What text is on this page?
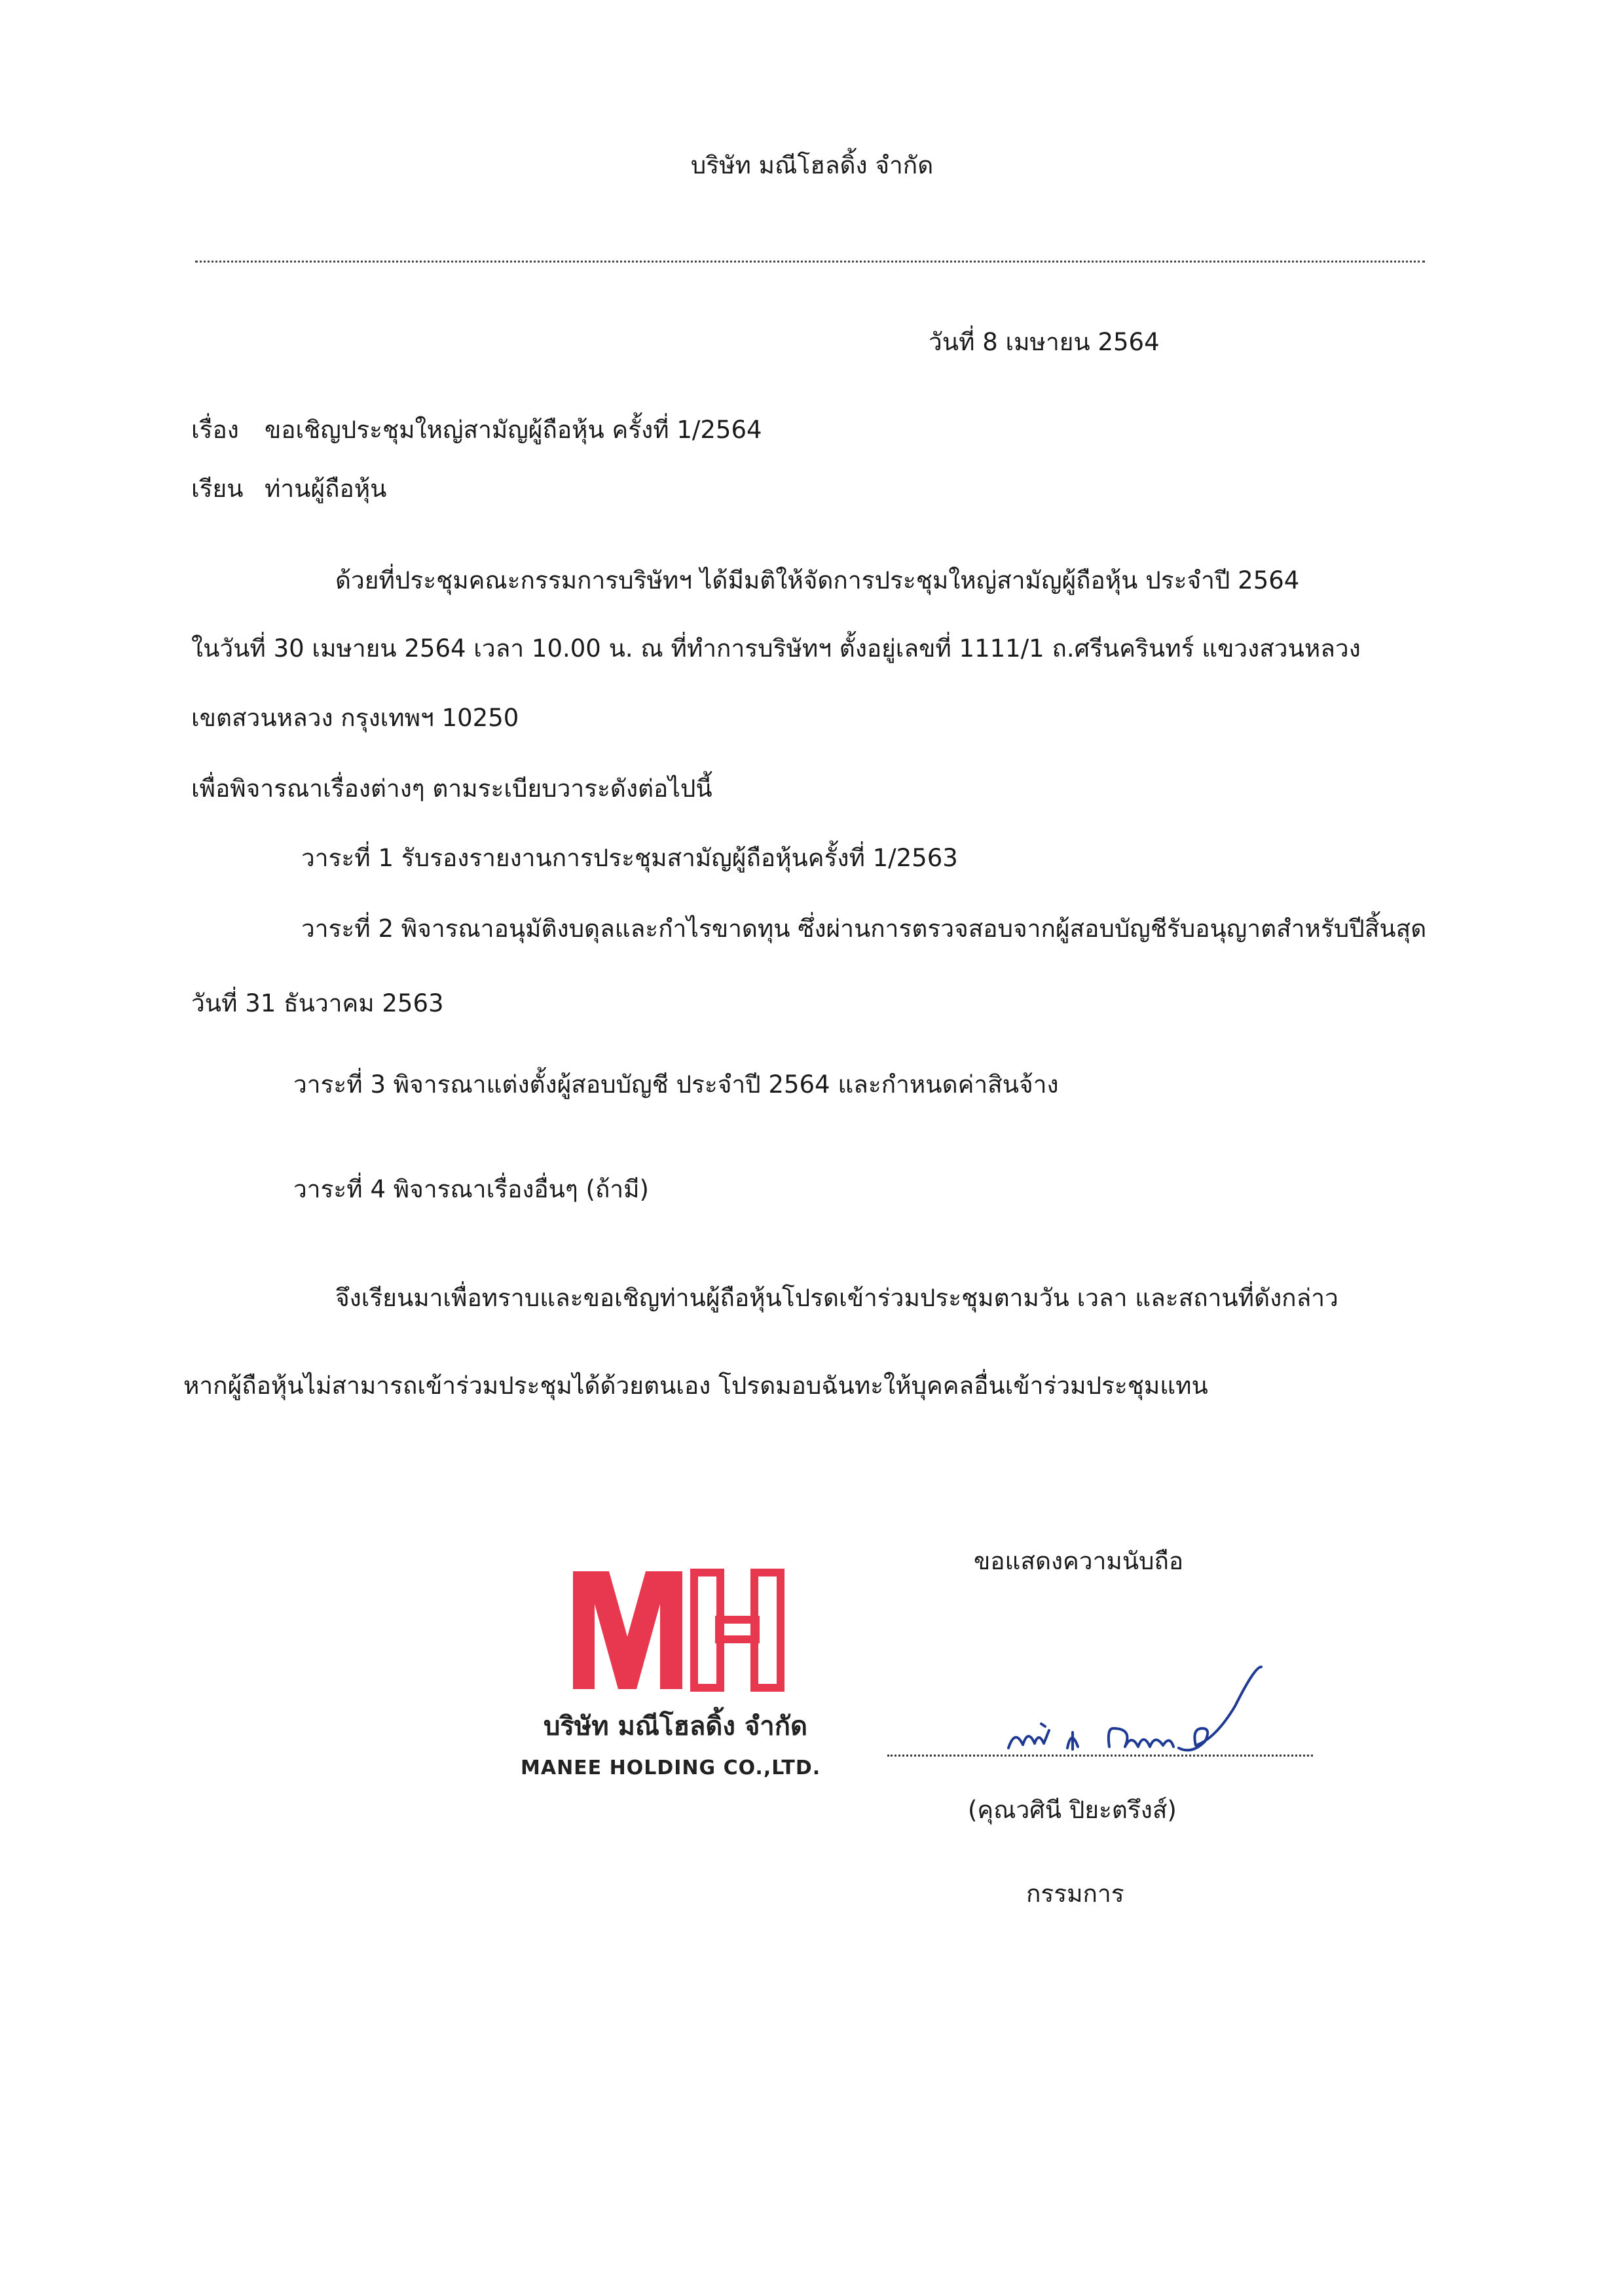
บริษัท มณีโฮลดิ้ง จำกัด
วันที่ 8 เมษายน 2564
เรื่อง ขอเชิญประชุมใหญ่สามัญผู้ถือหุ้น ครั้งที่ 1/2564
เรียน ท่านผู้ถือหุ้น
ด้วยที่ประชุมคณะกรรมการบริษัทฯ ได้มีมติให้จัดการประชุมใหญ่สามัญผู้ถือหุ้น ประจำปี 2564
ในวันที่ 30 เมษายน 2564 เวลา 10.00 น. ณ ที่ทำการบริษัทฯ ตั้งอยู่เลขที่ 1111/1 ถ.ศรีนครินทร์ แขวงสวนหลวง
เขตสวนหลวง กรุงเทพฯ 10250
เพื่อพิจารณาเรื่องต่างๆ ตามระเบียบวาระดังต่อไปนี้
วาระที่ 1 รับรองรายงานการประชุมสามัญผู้ถือหุ้นครั้งที่ 1/2563
วาระที่ 2 พิจารณาอนุมัติงบดุลและกำไรขาดทุน ซึ่งผ่านการตรวจสอบจากผู้สอบบัญชีรับอนุญาตสำหรับปีสิ้นสุด
วันที่ 31 ธันวาคม 2563
วาระที่ 3 พิจารณาแต่งตั้งผู้สอบบัญชี ประจำปี 2564 และกำหนดค่าสินจ้าง
วาระที่ 4 พิจารณาเรื่องอื่นๆ (ถ้ามี)
จึงเรียนมาเพื่อทราบและขอเชิญท่านผู้ถือหุ้นโปรดเข้าร่วมประชุมตามวัน เวลา และสถานที่ดังกล่าว
หากผู้ถือหุ้นไม่สามารถเข้าร่วมประชุมได้ด้วยตนเอง โปรดมอบฉันทะให้บุคคลอื่นเข้าร่วมประชุมแทน
ขอแสดงความนับถือ
บริษัท มณีโฮลดิ้ง จำกัด
MANEE HOLDING CO.,LTD.
(คุณวศินี ปิยะตรึงส์)
กรรมการ
